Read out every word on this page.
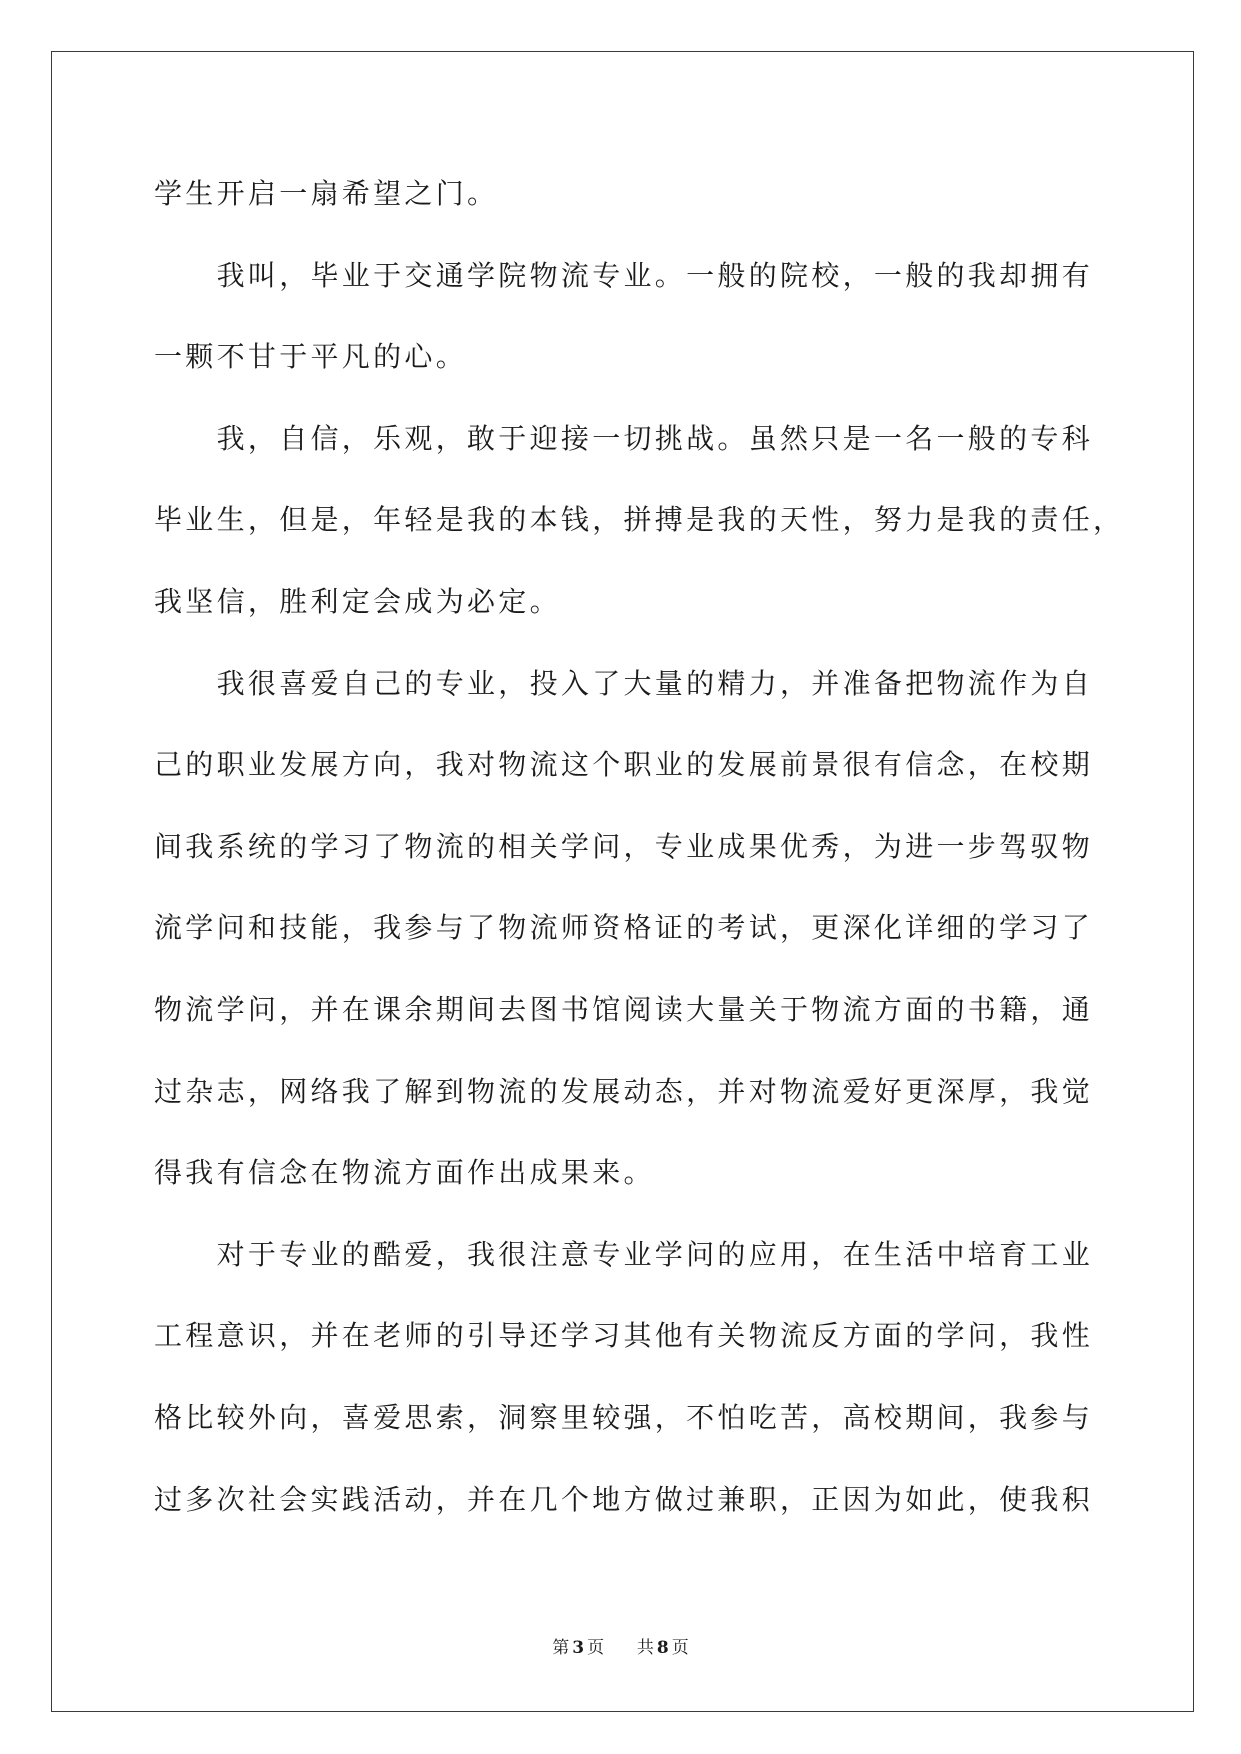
学生开启一扇希望之门。
我叫，毕业于交通学院物流专业。一般的院校，一般的我却拥有
一颗不甘于平凡的心。
我，自信，乐观，敢于迎接一切挑战。虽然只是一名一般的专科
毕业生，但是，年轻是我的本钱，拼搏是我的天性，努力是我的责任，
我坚信，胜利定会成为必定。
我很喜爱自己的专业，投入了大量的精力，并准备把物流作为自
己的职业发展方向，我对物流这个职业的发展前景很有信念，在校期
间我系统的学习了物流的相关学问，专业成果优秀，为进一步驾驭物
流学问和技能，我参与了物流师资格证的考试，更深化详细的学习了
物流学问，并在课余期间去图书馆阅读大量关于物流方面的书籍，通
过杂志，网络我了解到物流的发展动态，并对物流爱好更深厚，我觉
得我有信念在物流方面作出成果来。
对于专业的酷爱，我很注意专业学问的应用，在生活中培育工业
工程意识，并在老师的引导还学习其他有关物流反方面的学问，我性
格比较外向，喜爱思索，洞察里较强，不怕吃苦，高校期间，我参与
过多次社会实践活动，并在几个地方做过兼职，正因为如此，使我积
第 3 页 共 8 页
